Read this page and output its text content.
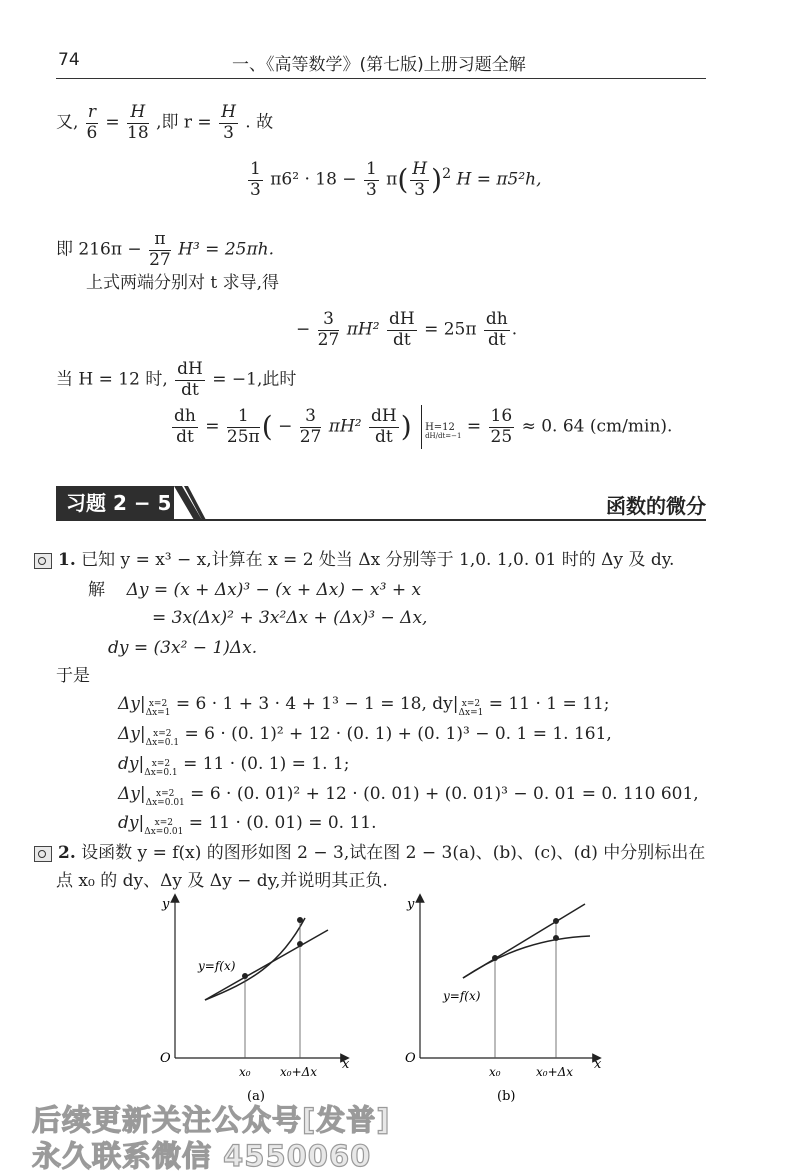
74	一、《高等数学》(第七版)上册习题全解
又, $\frac{r}{6} = \frac{H}{18}$ ,即 $r = \frac{H}{3}$ . 故
$\frac{1}{3} \pi 6^2 \cdot 18 - \frac{1}{3} \pi( \frac{H}{3} )^2$ H = π5²h,
即 $216\pi - \frac{\pi}{27} H^3 = 25\pi h$.
上式两端分别对 t 求导,得
− $\frac{3}{27} \pi H^2 \frac{dH}{dt} = 25\pi \frac{dh}{dt}$ .
当 H = 12 时, $\frac{dH}{dt} = -1$,此时
$\frac{dh}{dt} = \frac{1}{25\pi}$ ( − $\frac{3}{27} \pi H^2 \frac{dH}{dt}$ ) H=12
$dH/dt=-1 = \frac{16}{25} \approx 0$. 64 (cm/min).
习题 2 − 5	函数的微分
1. 已知 y = x³ − x,计算在 x = 2 处当 Δx 分别等于 1,0. 1,0. 01 时的 Δy 及 dy.
解 Δy = (x + Δx)³ − (x + Δx) − x³ + x
= 3x(Δx)² + 3x²Δx + (Δx)³ − Δx,
dy = (3x² − 1)Δx.
于是
Δy| x=2
Δx=1 = 6 · 1 + 3 · 4 + 1³ − 1 = 18, dy| x=2
Δx=1 = 11 · 1 = 11;
Δy| x=2
Δx=0.1 = 6 · (0. 1)² + 12 · (0. 1) + (0. 1)³ − 0. 1 = 1. 161,
dy| x=2
Δx=0.1 = 11 · (0. 1) = 1. 1;
Δy|	x=2
Δx=0.01 = 6 · (0. 01)² + 12 · (0. 01) + (0. 01)³ − 0. 01 = 0. 110 601,
dy|	x=2
Δx=0.01 = 11 · (0. 01) = 0. 11.
2. 设函数 y = f(x) 的图形如图 2 − 3,试在图 2 − 3(a)、(b)、(c)、(d) 中分别标出在
点 x₀ 的 dy、Δy 及 Δy − dy,并说明其正负.
y
O	x
x₀ x₀+Δx
y=f(x)
(a)
y
O	x
x₀	x₀+Δx
y=f(x)
(b)
后续更新关注公众号[发普]
永久联系微信 4550060
